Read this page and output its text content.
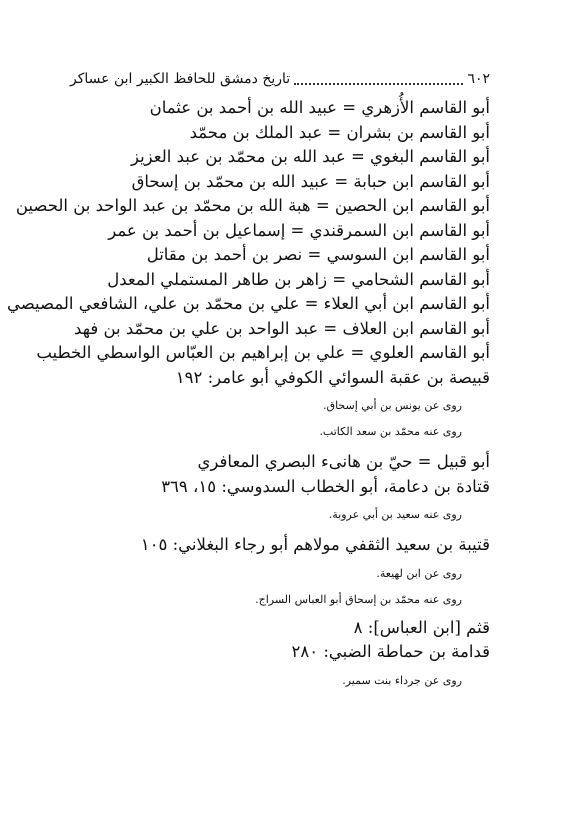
٦٠٢
تاريخ دمشق للحافظ الكبير ابن عساكر
أبو القاسم الأُزهري = عبيد الله بن أحمد بن عثمان
أبو القاسم بن بشران = عبد الملك بن محمّد
أبو القاسم البغوي = عبد الله بن محمّد بن عبد العزيز
أبو القاسم ابن حبابة = عبيد الله بن محمّد بن إسحاق
أبو القاسم ابن الحصين = هبة الله بن محمّد بن عبد الواحد بن الحصين
أبو القاسم ابن السمرقندي = إسماعيل بن أحمد بن عمر
أبو القاسم ابن السوسي = نصر بن أحمد بن مقاتل
أبو القاسم الشحامي = زاهر بن طاهر المستملي المعدل
أبو القاسم ابن أبي العلاء = علي بن محمّد بن علي، الشافعي المصيصي
أبو القاسم ابن العلاف = عبد الواحد بن علي بن محمّد بن فهد
أبو القاسم العلوي = علي بن إبراهيم بن العبّاس الواسطي الخطيب
قبيصة بن عقبة السوائي الكوفي أبو عامر: ١٩٢
روى عن يونس بن أبي إسحاق.
روى عنه محمّد بن سعد الكاتب.
أبو قبيل = حيّ بن هانىء البصري المعافري
قتادة بن دعامة، أبو الخطاب السدوسي: ١٥، ٣٦٩
روى عنه سعيد بن أبي عروبة.
قتيبة بن سعيد الثقفي مولاهم أبو رجاء البغلاني: ١٠٥
روى عن ابن لهيعة.
روى عنه محمّد بن إسحاق أبو العباس السراج.
قثم [ابن العباس]: ٨
قدامة بن حماطة الضبي: ٢٨٠
روى عن جرداء بنت سمير.
